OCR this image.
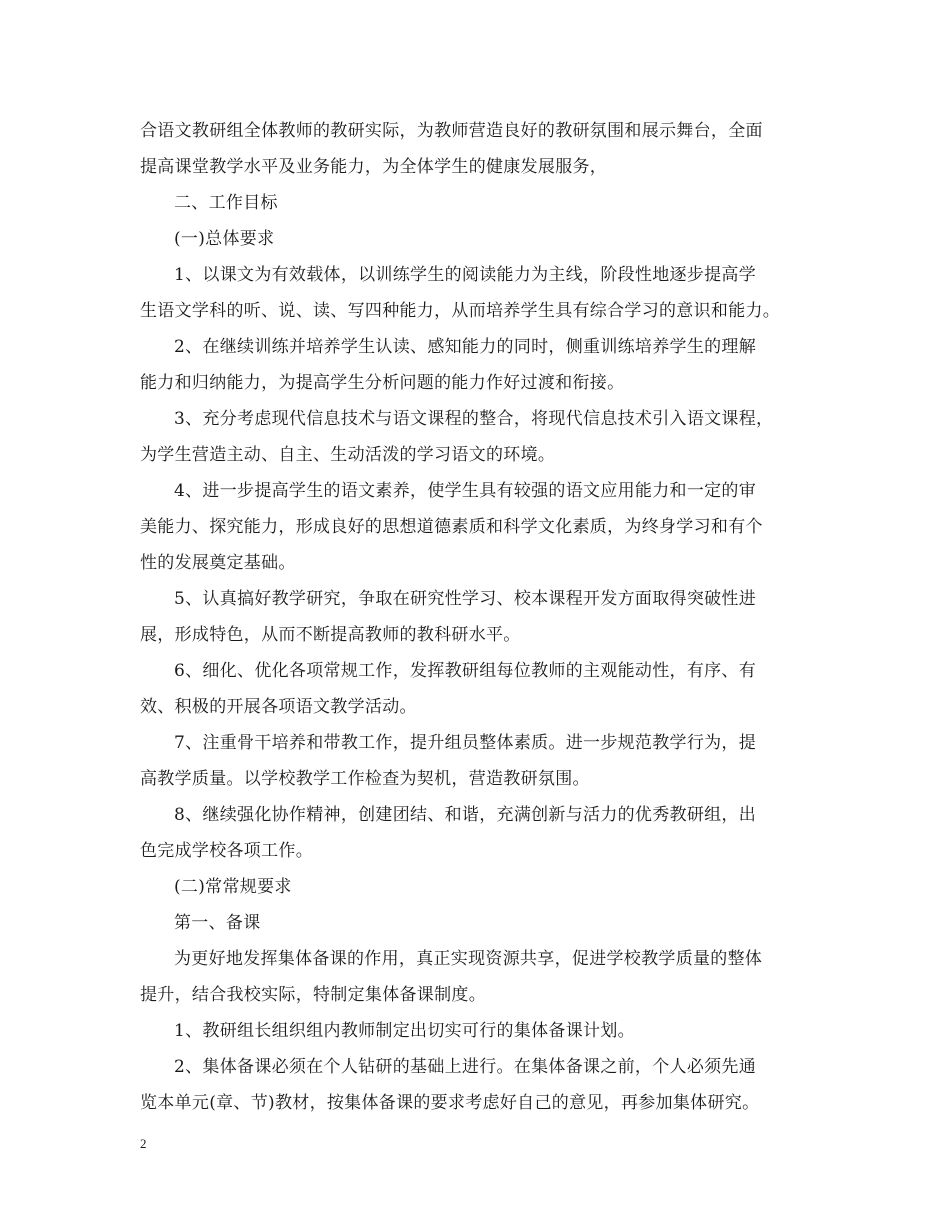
合语文教研组全体教师的教研实际，为教师营造良好的教研氛围和展示舞台，全面
提高课堂教学水平及业务能力，为全体学生的健康发展服务，
二、工作目标
(一)总体要求
1、以课文为有效载体，以训练学生的阅读能力为主线，阶段性地逐步提高学
生语文学科的听、说、读、写四种能力，从而培养学生具有综合学习的意识和能力。
2、在继续训练并培养学生认读、感知能力的同时，侧重训练培养学生的理解
能力和归纳能力，为提高学生分析问题的能力作好过渡和衔接。
3、充分考虑现代信息技术与语文课程的整合，将现代信息技术引入语文课程，
为学生营造主动、自主、生动活泼的学习语文的环境。
4、进一步提高学生的语文素养，使学生具有较强的语文应用能力和一定的审
美能力、探究能力，形成良好的思想道德素质和科学文化素质，为终身学习和有个
性的发展奠定基础。
5、认真搞好教学研究，争取在研究性学习、校本课程开发方面取得突破性进
展，形成特色，从而不断提高教师的教科研水平。
6、细化、优化各项常规工作，发挥教研组每位教师的主观能动性，有序、有
效、积极的开展各项语文教学活动。
7、注重骨干培养和带教工作，提升组员整体素质。进一步规范教学行为，提
高教学质量。以学校教学工作检查为契机，营造教研氛围。
8、继续强化协作精神，创建团结、和谐，充满创新与活力的优秀教研组，出
色完成学校各项工作。
(二)常常规要求
第一、备课
为更好地发挥集体备课的作用，真正实现资源共享，促进学校教学质量的整体
提升，结合我校实际，特制定集体备课制度。
1、教研组长组织组内教师制定出切实可行的集体备课计划。
2、集体备课必须在个人钻研的基础上进行。在集体备课之前，个人必须先通
览本单元(章、节)教材，按集体备课的要求考虑好自己的意见，再参加集体研究。
2
